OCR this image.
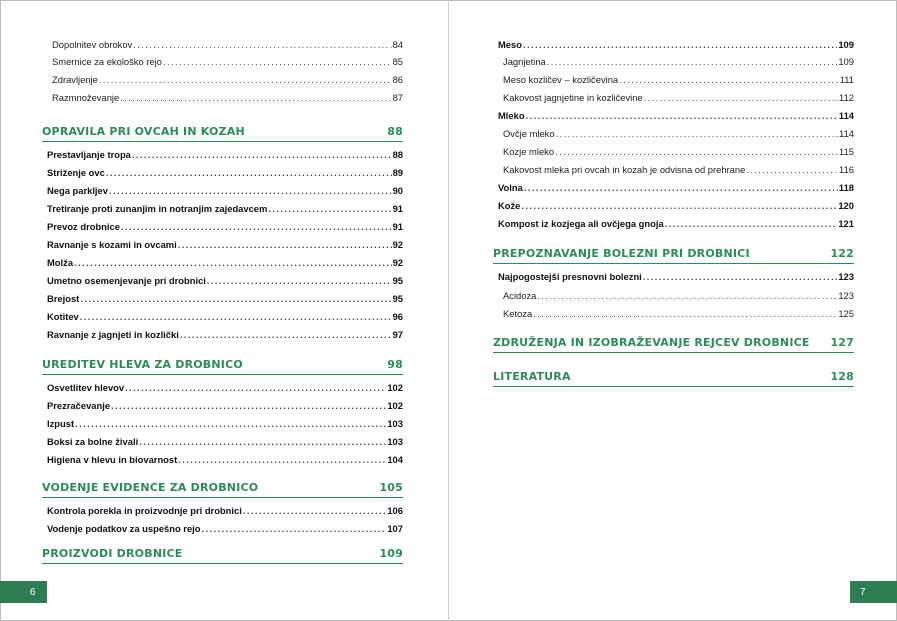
Dopolnitev obrokov .....	84
Smernice za ekološko rejo .....	85
Zdravljenje .....	86
Razmnoževanje .....	87
OPRAVILA PRI OVCAH IN KOZAH	88
Prestavljanje tropa .....	88
Striženje ovc .....	89
Nega parkljev .....	90
Tretiranje proti zunanjim in notranjim zajedavcem .....	91
Prevoz drobnice .....	91
Ravnanje s kozami in ovcami .....	92
Molža .....	92
Umetno osemenjevanje pri drobnici .....	95
Brejost .....	95
Kotitev .....	96
Ravnanje z jagnjeti in kozlički .....	97
UREDITEV HLEVA ZA DROBNICO	98
Osvetlitev hlevov .....	102
Prezračevanje .....	102
Izpust .....	103
Boksi za bolne živali .....	103
Higiena v hlevu in biovarnost .....	104
VODENJE EVIDENCE ZA DROBNICO	105
Kontrola porekla in proizvodnje pri drobnici .....	106
Vodenje podatkov za uspešno rejo .....	107
PROIZVODI DROBNICE	109
Meso .....	109
Jagnjetina .....	109
Meso kozličev – kozličevina .....	111
Kakovost jagnjetine in kozličevine .....	112
Mleko .....	114
Ovčje mleko .....	114
Kozje mleko .....	115
Kakovost mleka pri ovcah in kozah je odvisna od prehrane .....	116
Volna .....	118
Kože .....	120
Kompost iz kozjega ali ovčjega gnoja .....	121
PREPOZNAVANJE BOLEZNI PRI DROBNICI	122
Najpogostejši presnovni bolezni .....	123
Acidoza .....	123
Ketoza .....	125
ZDRUŽENJA IN IZOBRAŽEVANJE REJCEV DROBNICE 127
LITERATURA	128
6	7
